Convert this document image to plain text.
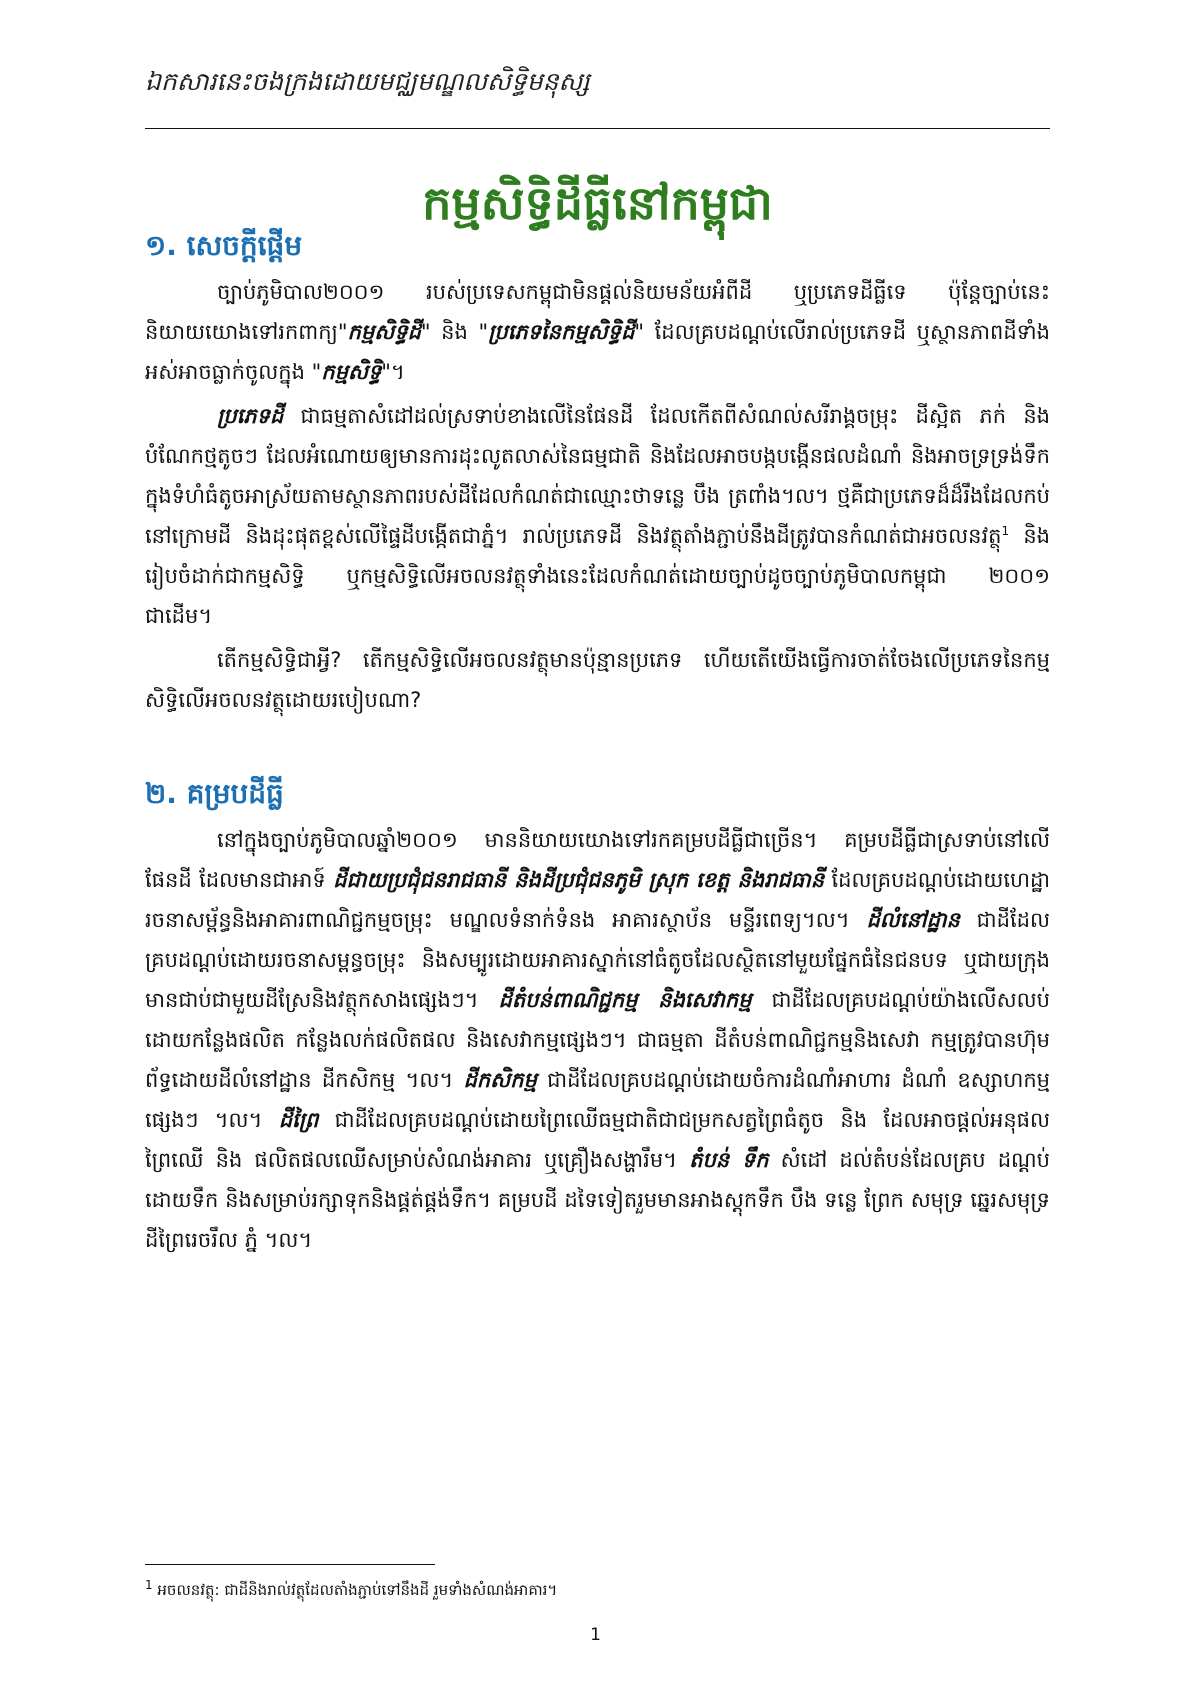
ឯកសារនេះចងក្រងដោយមជ្ឈមណ្ឌលសិទ្ធិមនុស្ស
កម្មសិទ្ធិដីធ្លីនៅកម្ពុជា
១. សេចក្តីផ្តើម

ច្បាប់ភូមិបាល២០០១ របស់ប្រទេសកម្ពុជាមិនផ្តល់និយមន័យអំពីដី ឬប្រភេទដីធ្លីទេ ប៉ុន្តែច្បាប់នេះនិយាយយោងទៅរកពាក្យ"កម្មសិទ្ធិដី" និង "ប្រភេទនៃកម្មសិទ្ធិដី" ដែលគ្របដណ្តប់លើរាល់ប្រភេទដី ឬស្ថានភាពដីទាំងអស់អាចធ្លាក់ចូលក្នុង "កម្មសិទ្ធិ"។

ប្រភេទដី ជាធម្មតាសំដៅដល់ស្រទាប់ខាងលើនៃផែនដី ដែលកើតពីសំណល់សរីរាង្គចម្រុះ ដីស្អិត ភក់ និងបំណែកថ្មតូចៗ ដែលអំណោយឲ្យមានការដុះលូតលាស់នៃធម្មជាតិ និងដែលអាចបង្កបង្កើនផលដំណាំ និងអាចទ្រទ្រង់ទឹកក្នុងទំហំធំតូចអាស្រ័យតាមស្ថានភាពរបស់ដីដែលកំណត់ជាឈ្មោះថាទន្លេ បឹង ត្រពាំង។ល។ ថ្មគឺជាប្រភេទដ៏ដ៏រឹងដែលកប់នៅក្រោមដី និងដុះផុតខ្ពស់លើផ្ទៃដីបង្កើតជាភ្នំ។ រាល់ប្រភេទដី និងវត្ថុតាំងភ្ជាប់នឹងដីត្រូវបានកំណត់ជាអចលនវត្ថុ$^1$ និងរៀបចំដាក់ជាកម្មសិទ្ធិ ឬកម្មសិទ្ធិលើអចលនវត្ថុទាំងនេះដែលកំណត់ដោយច្បាប់ដូចច្បាប់ភូមិបាលកម្ពុជា ២០០១ ជាដើម។

តើកម្មសិទ្ធិជាអ្វី? តើកម្មសិទ្ធិលើអចលនវត្ថុមានប៉ុន្មានប្រភេទ ហើយតើយើងធ្វើការចាត់ចែងលើប្រភេទនៃកម្មសិទ្ធិលើអចលនវត្ថុដោយរបៀបណា?

២. គម្របដីធ្លី

នៅក្នុងច្បាប់ភូមិបាលឆ្នាំ២០០១ មាននិយាយយោងទៅរកគម្របដីធ្លីជាច្រើន។ គម្របដីធ្លីជាស្រទាប់នៅលើផែនដី ដែលមានជាអាទ៍ ដីជាយប្រជុំជនរាជធានី និងដីប្រជុំជនភូមិ ស្រុក ខេត្ត និងរាជធានី ដែលគ្របដណ្តប់ដោយហេដ្ឋារចនាសម្ព័ន្ធនិងអាគារពាណិជ្ជកម្មចម្រុះ មណ្ឌលទំនាក់ទំនង អាគារស្ថាប័ន មន្ទីរពេទ្យ។ល។ ដីលំនៅដ្ឋាន ជាដីដែលគ្របដណ្តប់ដោយរចនាសម្ពន្ធចម្រុះ និងសម្បូរដោយអាគារស្នាក់នៅធំតូចដែលស្ថិតនៅមួយផ្នែកធំនៃជនបទ ឬជាយក្រុង មានជាប់ជាមួយដីស្រែនិងវត្ថុកសាងផ្សេងៗ។ ដីតំបន់ពាណិជ្ជកម្ម និងសេវាកម្ម ជាដីដែលគ្របដណ្តប់យ៉ាងលើសលប់ដោយកន្លែងផលិត កន្លែងលក់ផលិតផល និងសេវាកម្មផ្សេងៗ។ ជាធម្មតា ដីតំបន់ពាណិជ្ជកម្មនិងសេវា កម្មត្រូវបានហ៊ុមព័ទ្ធដោយដីលំនៅដ្ឋាន ដីកសិកម្ម ។ល។ ដីកសិកម្ម ជាដីដែលគ្របដណ្តប់ដោយចំការដំណាំអាហារ ដំណាំ ឧស្សាហកម្ម ផ្សេងៗ ។ល។ ដីព្រៃ ជាដីដែលគ្របដណ្តប់ដោយព្រៃឈើធម្មជាតិជាជម្រកសត្វព្រៃធំតូច និង ដែលអាចផ្តល់អនុផលព្រៃឈើ និង ផលិតផលឈើសម្រាប់សំណង់អាគារ ឬគ្រឿងសង្ហារឹម។ តំបន់ ទឹក សំដៅ ដល់តំបន់ដែលគ្រប ដណ្តប់ដោយទឹក និងសម្រាប់រក្សាទុកនិងផ្គត់ផ្គង់ទឹក។ គម្របដី ដទៃទៀតរួមមានអាងស្តុកទឹក បឹង ទន្លេ ព្រែក សមុទ្រ ឆ្នេរសមុទ្រ ដីព្រៃរេចរឹល ភ្នំ ។ល។

$^1$ អចលនវត្ថុ: ជាដីនិងរាល់វត្ថុដែលតាំងភ្ជាប់ទៅនឹងដី រួមទាំងសំណង់អាគារ។
1
